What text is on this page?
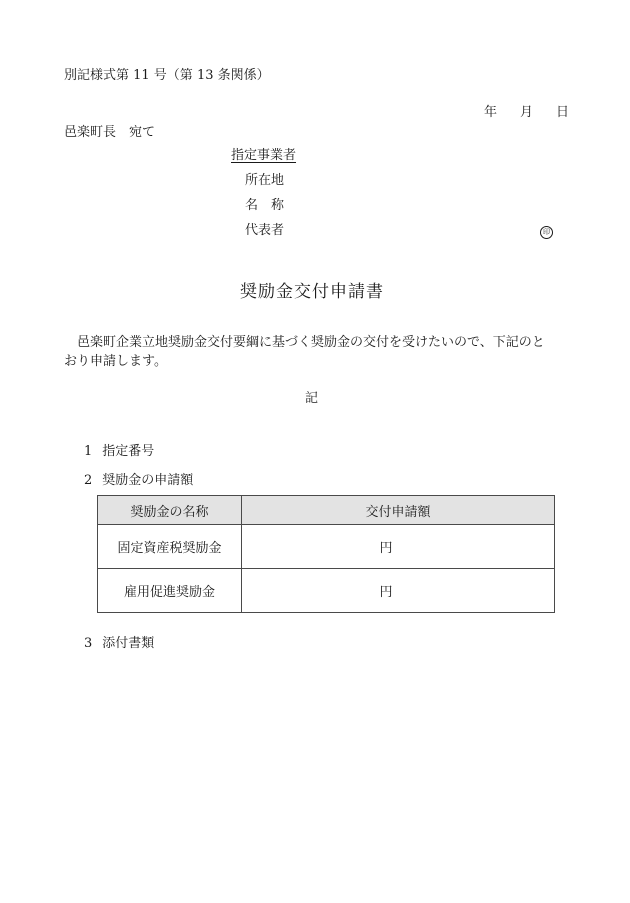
別記様式第 11 号（第 13 条関係）
年 月 日
邑楽町長　宛て
指定事業者
所在地
名　称
代表者	印
奨励金交付申請書
邑楽町企業立地奨励金交付要綱に基づく奨励金の交付を受けたいので、下記のと
おり申請します。
記
1 指定番号
2 奨励金の申請額
奨励金の名称	交付申請額
固定資産税奨励金	円
雇用促進奨励金	円
3 添付書類
